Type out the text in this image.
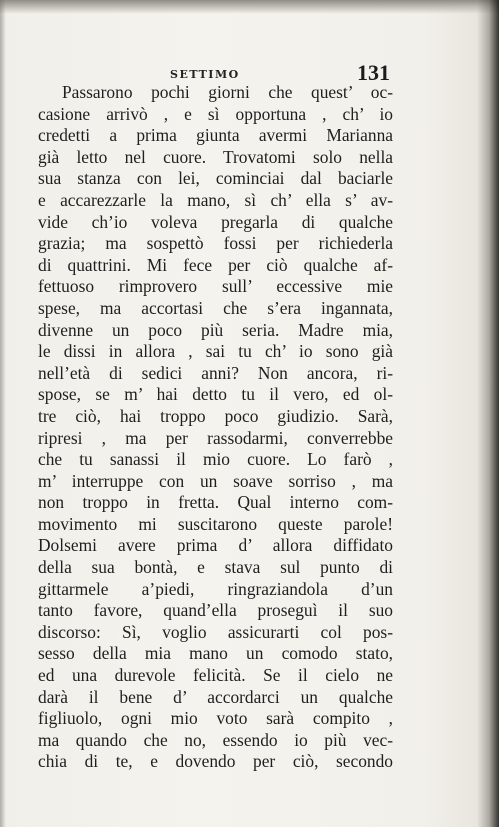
SETTIMO	131
Passarono pochi giorni che quest’ oc-
casione arrivò , e sì opportuna , ch’ io
credetti a prima giunta avermi Marianna
già letto nel cuore. Trovatomi solo nella
sua stanza con lei, cominciai dal baciarle
e accarezzarle la mano, sì ch’ ella s’ av-
vide ch’io voleva pregarla di qualche
grazia; ma sospettò fossi per richiederla
di quattrini. Mi fece per ciò qualche af-
fettuoso rimprovero sull’ eccessive mie
spese, ma accortasi che s’era ingannata,
divenne un poco più seria. Madre mia,
le dissi in allora , sai tu ch’ io sono già
nell’età di sedici anni? Non ancora, ri-
spose, se m’ hai detto tu il vero, ed ol-
tre ciò, hai troppo poco giudizio. Sarà,
ripresi , ma per rassodarmi, converrebbe
che tu sanassi il mio cuore. Lo farò ,
m’ interruppe con un soave sorriso , ma
non troppo in fretta. Qual interno com-
movimento mi suscitarono queste parole!
Dolsemi avere prima d’ allora diffidato
della sua bontà, e stava sul punto di
gittarmele a’piedi, ringraziandola d’un
tanto favore, quand’ella proseguì il suo
discorso: Sì, voglio assicurarti col pos-
sesso della mia mano un comodo stato,
ed una durevole felicità. Se il cielo ne
darà il bene d’ accordarci un qualche
figliuolo, ogni mio voto sarà compito ,
ma quando che no, essendo io più vec-
chia di te, e dovendo per ciò, secondo
